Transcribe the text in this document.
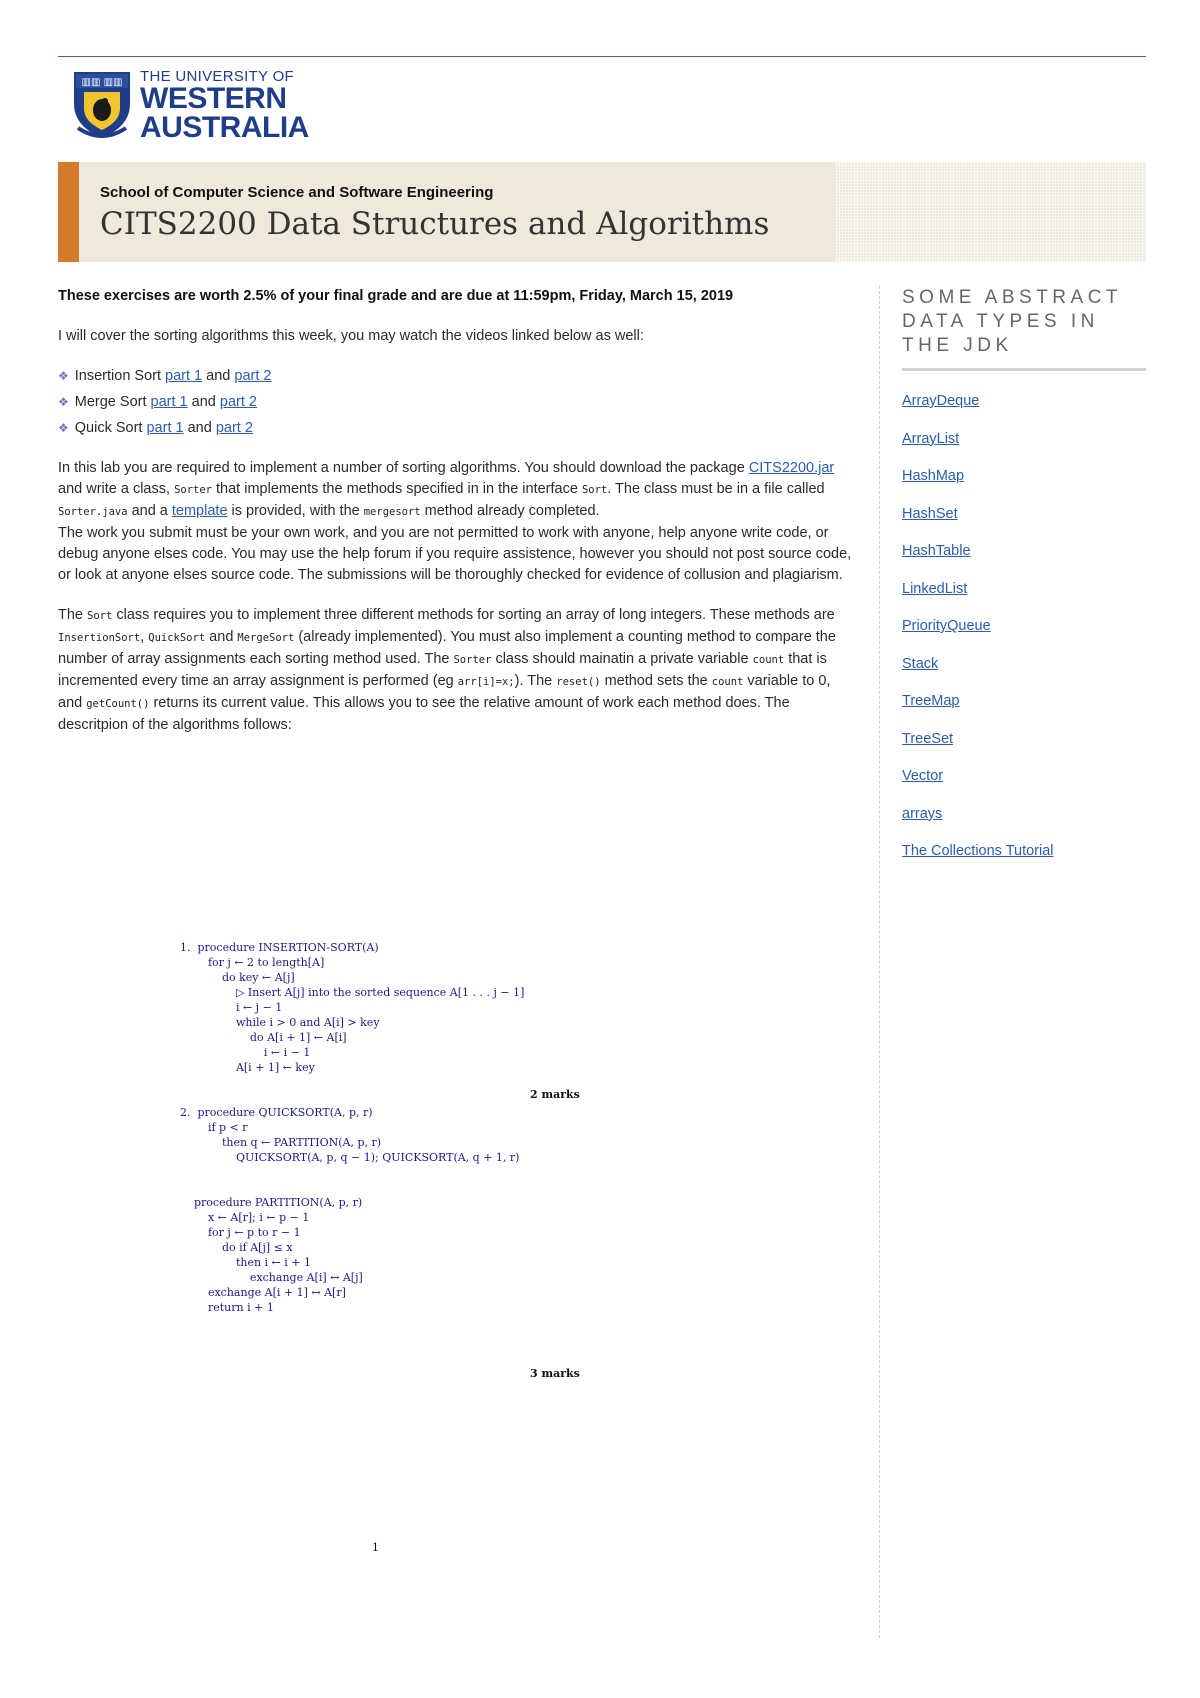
▥▥ ▥▥ THE UNIVERSITY OF
WESTERN
AUSTRALIA
School of Computer Science and Software Engineering
CITS2200 Data Structures and Algorithms

These exercises are worth 2.5% of your final grade and are due at 11:59pm, Friday, March 15, 2019

I will cover the sorting algorithms this week, you may watch the videos linked below as well:

❖ Insertion Sort part 1 and part 2
❖ Merge Sort part 1 and part 2
❖ Quick Sort part 1 and part 2

In this lab you are required to implement a number of sorting algorithms. You should download the package CITS2200.jar and write a class, Sorter that implements the methods specified in in the interface Sort. The class must be in a file called Sorter.java and a template is provided, with the mergesort method already completed.
The work you submit must be your own work, and you are not permitted to work with anyone, help anyone write code, or debug anyone elses code. You may use the help forum if you require assistence, however you should not post source code, or look at anyone elses source code. The submissions will be thoroughly checked for evidence of collusion and plagiarism.

The Sort class requires you to implement three different methods for sorting an array of long integers. These methods are InsertionSort, QuickSort and MergeSort (already implemented). You must also implement a counting method to compare the number of array assignments each sorting method used. The Sorter class should mainatin a private variable count that is incremented every time an array assignment is performed (eg arr[i]=x;). The reset() method sets the count variable to 0, and getCount() returns its current value. This allows you to see the relative amount of work each method does. The descritpion of the algorithms follows:

1.  procedure INSERTION-SORT(A)
for j ← 2 to length[A]
do key ← A[j]
▷ Insert A[j] into the sorted sequence A[1 . . . j − 1]
i ← j − 1
while i > 0 and A[i] > key
do A[i + 1] ← A[i]
i ← i − 1
A[i + 1] ← key

2.  procedure QUICKSORT(A, p, r)
if p < r
then q ← PARTITION(A, p, r)
QUICKSORT(A, p, q − 1); QUICKSORT(A, q + 1, r)

procedure PARTITION(A, p, r)
x ← A[r]; i ← p − 1
for j ← p to r − 1
do if A[j] ≤ x
then i ← i + 1
exchange A[i] ↔ A[j]
exchange A[i + 1] ↔ A[r]
return i + 1
2 marks
3 marks
1
SOME ABSTRACT DATA TYPES IN THE JDK
ArrayDeque
ArrayList
HashMap
HashSet
HashTable
LinkedList
PriorityQueue
Stack
TreeMap
TreeSet
Vector
arrays
The Collections Tutorial
